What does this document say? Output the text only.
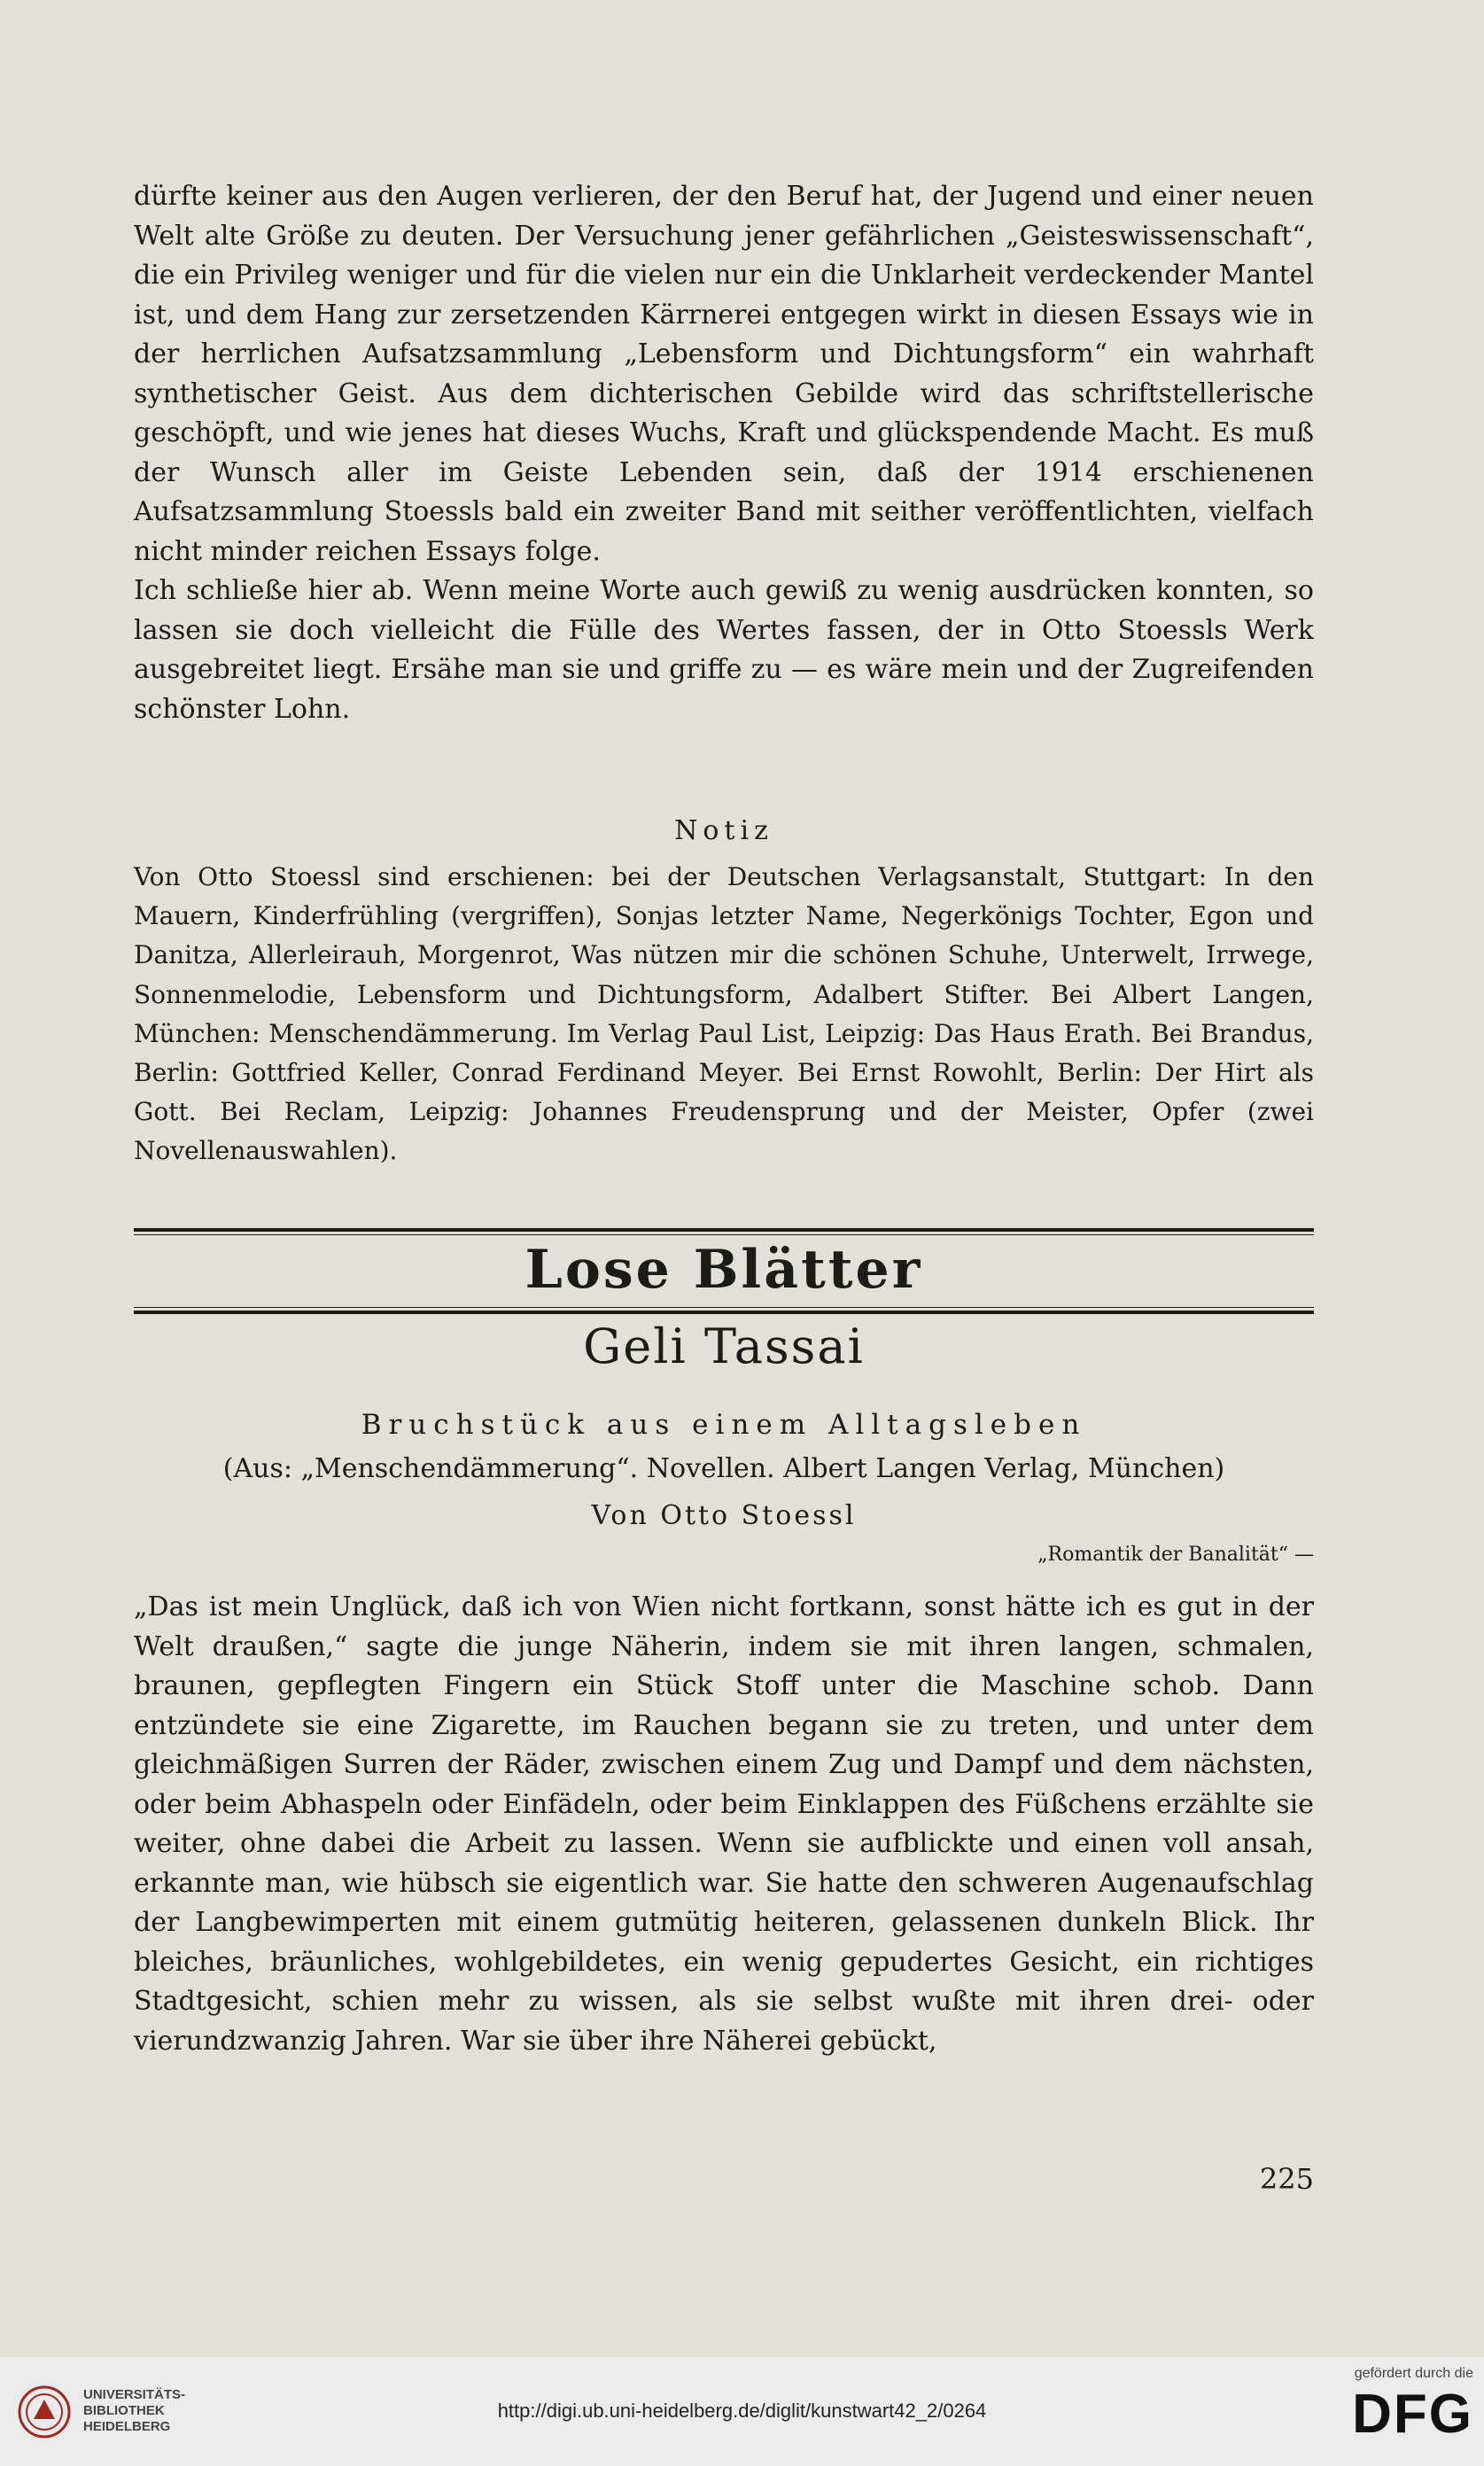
dürfte keiner aus den Augen verlieren, der den Beruf hat, der Jugend und einer neuen Welt alte Größe zu deuten. Der Versuchung jener gefährlichen „Geisteswissenschaft“, die ein Privileg weniger und für die vielen nur ein die Unklarheit verdeckender Mantel ist, und dem Hang zur zersetzenden Kärrnerei entgegen wirkt in diesen Essays wie in der herrlichen Aufsatzsammlung „Lebensform und Dichtungsform“ ein wahrhaft synthetischer Geist. Aus dem dichterischen Gebilde wird das schriftstellerische geschöpft, und wie jenes hat dieses Wuchs, Kraft und glückspendende Macht. Es muß der Wunsch aller im Geiste Lebenden sein, daß der 1914 erschienenen Aufsatzsammlung Stoessls bald ein zweiter Band mit seither veröffentlichten, vielfach nicht minder reichen Essays folge.

Ich schließe hier ab. Wenn meine Worte auch gewiß zu wenig ausdrücken konnten, so lassen sie doch vielleicht die Fülle des Wertes fassen, der in Otto Stoessls Werk ausgebreitet liegt. Ersähe man sie und griffe zu — es wäre mein und der Zugreifenden schönster Lohn.

Notiz

Von Otto Stoessl sind erschienen: bei der Deutschen Verlagsanstalt, Stuttgart: In den Mauern, Kinderfrühling (vergriffen), Sonjas letzter Name, Negerkönigs Tochter, Egon und Danitza, Allerleirauh, Morgenrot, Was nützen mir die schönen Schuhe, Unterwelt, Irrwege, Sonnenmelodie, Lebensform und Dichtungsform, Adalbert Stifter. Bei Albert Langen, München: Menschendämmerung. Im Verlag Paul List, Leipzig: Das Haus Erath. Bei Brandus, Berlin: Gottfried Keller, Conrad Ferdinand Meyer. Bei Ernst Rowohlt, Berlin: Der Hirt als Gott. Bei Reclam, Leipzig: Johannes Freudensprung und der Meister, Opfer (zwei Novellenauswahlen).

Lose Blätter
Geli Tassai
Bruchstück aus einem Alltagsleben
(Aus: „Menschendämmerung“. Novellen. Albert Langen Verlag, München)
Von Otto Stoessl
„Romantik der Banalität“ —

„Das ist mein Unglück, daß ich von Wien nicht fortkann, sonst hätte ich es gut in der Welt draußen,“ sagte die junge Näherin, indem sie mit ihren langen, schmalen, braunen, gepflegten Fingern ein Stück Stoff unter die Maschine schob. Dann entzündete sie eine Zigarette, im Rauchen begann sie zu treten, und unter dem gleichmäßigen Surren der Räder, zwischen einem Zug und Dampf und dem nächsten, oder beim Abhaspeln oder Einfädeln, oder beim Einklappen des Füßchens erzählte sie weiter, ohne dabei die Arbeit zu lassen. Wenn sie aufblickte und einen voll ansah, erkannte man, wie hübsch sie eigentlich war. Sie hatte den schweren Augenaufschlag der Langbewimperten mit einem gutmütig heiteren, gelassenen dunkeln Blick. Ihr bleiches, bräunliches, wohlgebildetes, ein wenig gepudertes Gesicht, ein richtiges Stadtgesicht, schien mehr zu wissen, als sie selbst wußte mit ihren drei- oder vierundzwanzig Jahren. War sie über ihre Näherei gebückt,

225
UNIVERSITÄTS-
BIBLIOTHEK
HEIDELBERG
http://digi.ub.uni-heidelberg.de/diglit/kunstwart42_2/0264
gefördert durch die
DFG
